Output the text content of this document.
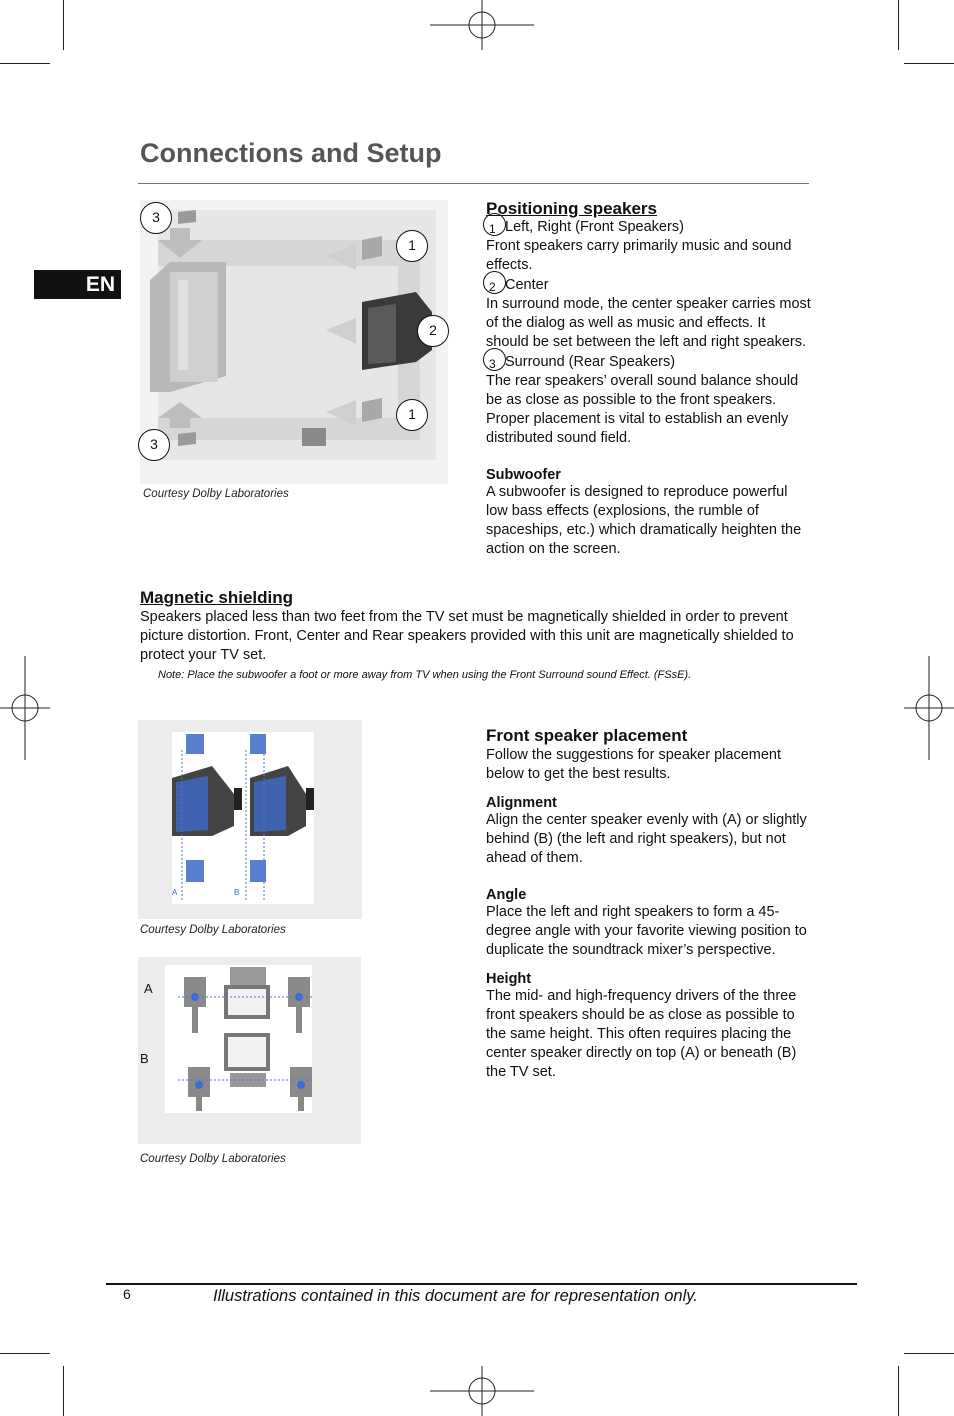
Connections and Setup
EN
3
1
2
1
3
Courtesy Dolby Laboratories

Positioning speakers

1 Left, Right (Front Speakers)

Front speakers carry primarily music and sound effects.

2 Center

In surround mode, the center speaker carries most of the dialog as well as music and effects. It should be set between the left and right speakers.

3 Surround (Rear Speakers)

The rear speakers’ overall sound balance should be as close as possible to the front speakers. Proper placement is vital to establish an evenly distributed sound field.

Subwoofer

A subwoofer is designed to reproduce powerful low bass effects (explosions, the rumble of spaceships, etc.) which dramatically heighten the action on the screen.

Magnetic shielding

Speakers placed less than two feet from the TV set must be magnetically shielded in order to prevent picture distortion. Front, Center and Rear speakers provided with this unit are magnetically shielded to protect your TV set.

Note: Place the subwoofer a foot or more away from TV when using the Front Surround sound Effect. (FSsE).

A	B
Courtesy Dolby Laboratories
A
B
Courtesy Dolby Laboratories

Front speaker placement

Follow the suggestions for speaker placement below to get the best results.

Alignment

Align the center speaker evenly with (A) or slightly behind (B) (the left and right speakers), but not ahead of them.

Angle

Place the left and right speakers to form a 45-degree angle with your favorite viewing position to duplicate the soundtrack mixer’s perspective.

Height

The mid- and high-frequency drivers of the three front speakers should be as close as possible to the same height. This often requires placing the center speaker directly on top (A) or beneath (B) the TV set.

6	Illustrations contained in this document are for representation only.
